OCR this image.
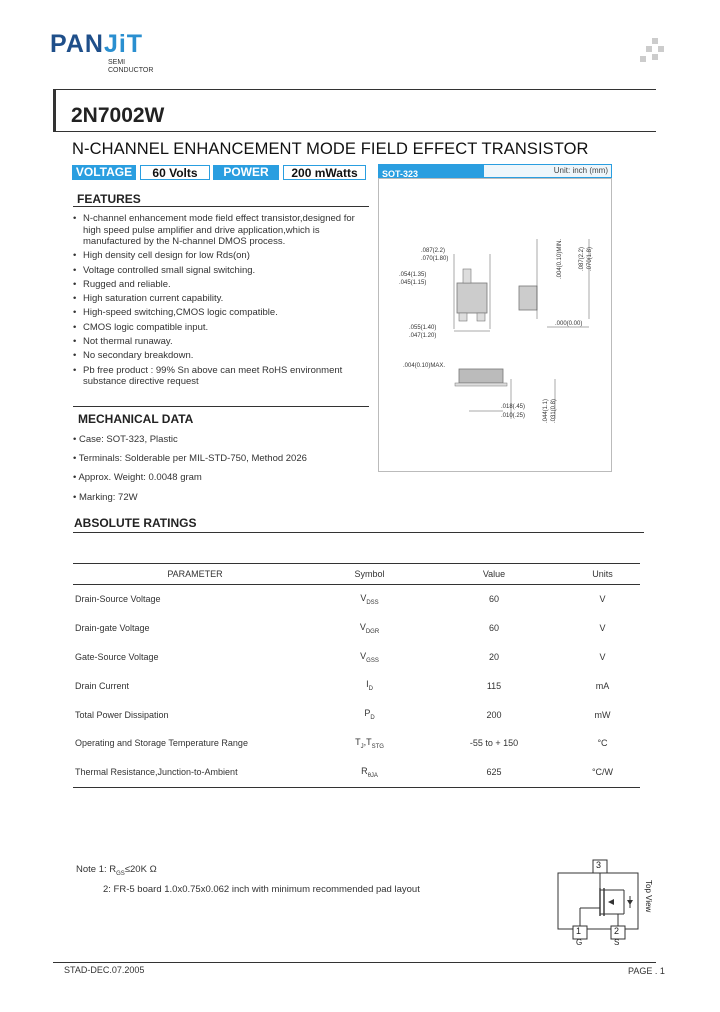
PANJiT
SEMI
CONDUCTOR
2N7002W
N-CHANNEL ENHANCEMENT MODE FIELD EFFECT TRANSISTOR
VOLTAGE	60 Volts	POWER	200 mWatts	SOT-323	Unit: inch (mm)
.087(2.2)
.070(1.80)	.004(0.10)MIN.	.087(2.2) .070(1.8)
.054(1.35)
.045(1.15)
.055(1.40)
.047(1.20)
.000(0.00)
.004(0.10)MAX.
.018(.45)
.010(.25)	.044(1.1) .031(0.8)
FEATURES
• N-channel enhancement mode field effect transistor,designed for high speed pulse amplifier and drive application,which is manufactured by the N-channel DMOS process.
• High density cell design for low Rds(on)
• Voltage controlled small signal switching.
• Rugged and reliable.
• High saturation current capability.
• High-speed switching,CMOS logic compatible.
• CMOS logic compatible input.
• Not thermal runaway.
• No secondary breakdown.
• Pb free product : 99% Sn above can meet RoHS environment substance directive request
MECHANICAL DATA
• Case: SOT-323, Plastic
• Terminals: Solderable per MIL-STD-750, Method 2026
• Approx. Weight: 0.0048 gram
• Marking: 72W
ABSOLUTE RATINGS
PARAMETER	Symbol	Value	Units
Drain-Source Voltage	$V_{DSS}$	60	V
Drain-gate Voltage	$V_{DGR}$	60	V
Gate-Source Voltage	$V_{GSS}$	20	V
Drain Current	$I_D$	115	mA
Total Power Dissipation	$P_D$	200	mW
Operating and Storage Temperature Range	$T_J,T_{STG}$	-55 to + 150	°C
Thermal Resistance,Junction-to-Ambient	$R_{\theta JA}$	625	°C/W
Note 1: $R_{GS}\le 20K$ Ω
2: FR-5 board 1.0x0.75x0.062 inch with minimum recommended pad layout
3
1	2
G	S
Top View
STAD-DEC.07.2005	PAGE . 1
